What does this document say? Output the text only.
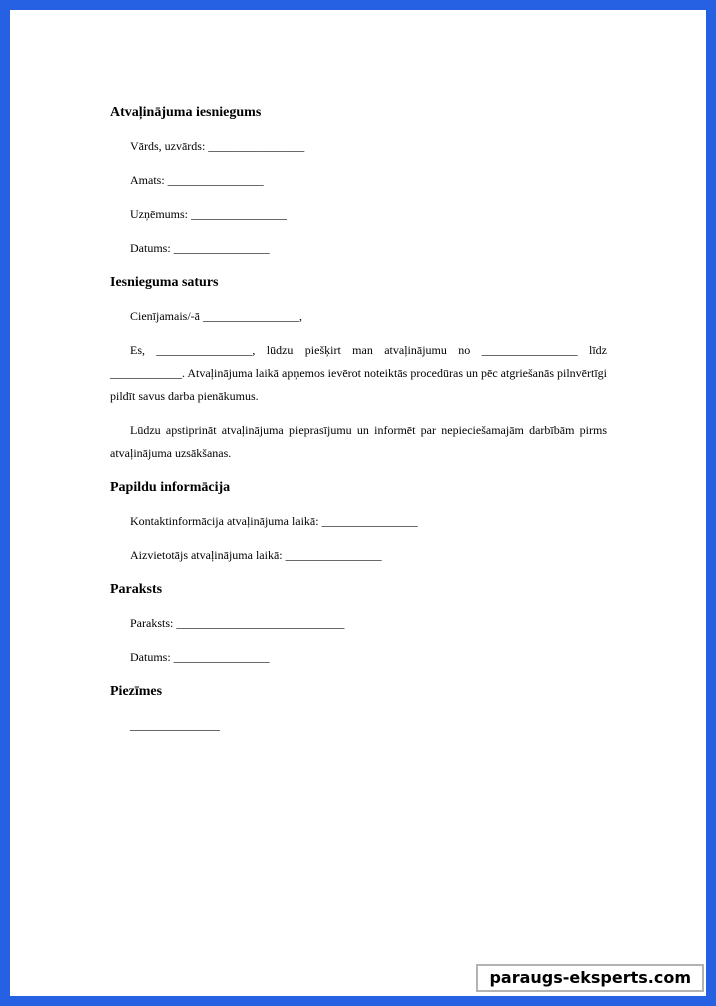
Atvaļinājuma iesniegums
Vārds, uzvārds: ________________
Amats: ________________
Uzņēmums: ________________
Datums: ________________
Iesnieguma saturs
Cienījamais/-ā ________________,
Es, ________________, lūdzu piešķirt man atvaļinājumu no ________________ līdz ____________. Atvaļinājuma laikā apņemos ievērot noteiktās procedūras un pēc atgriešanās pilnvērtīgi pildīt savus darba pienākumus.
Lūdzu apstiprināt atvaļinājuma pieprasījumu un informēt par nepieciešamajām darbībām pirms atvaļinājuma uzsākšanas.
Papildu informācija
Kontaktinformācija atvaļinājuma laikā: ________________
Aizvietotājs atvaļinājuma laikā: ________________
Paraksts
Paraksts: ____________________________
Datums: ________________
Piezīmes
_______________
paraugs-eksperts.com
